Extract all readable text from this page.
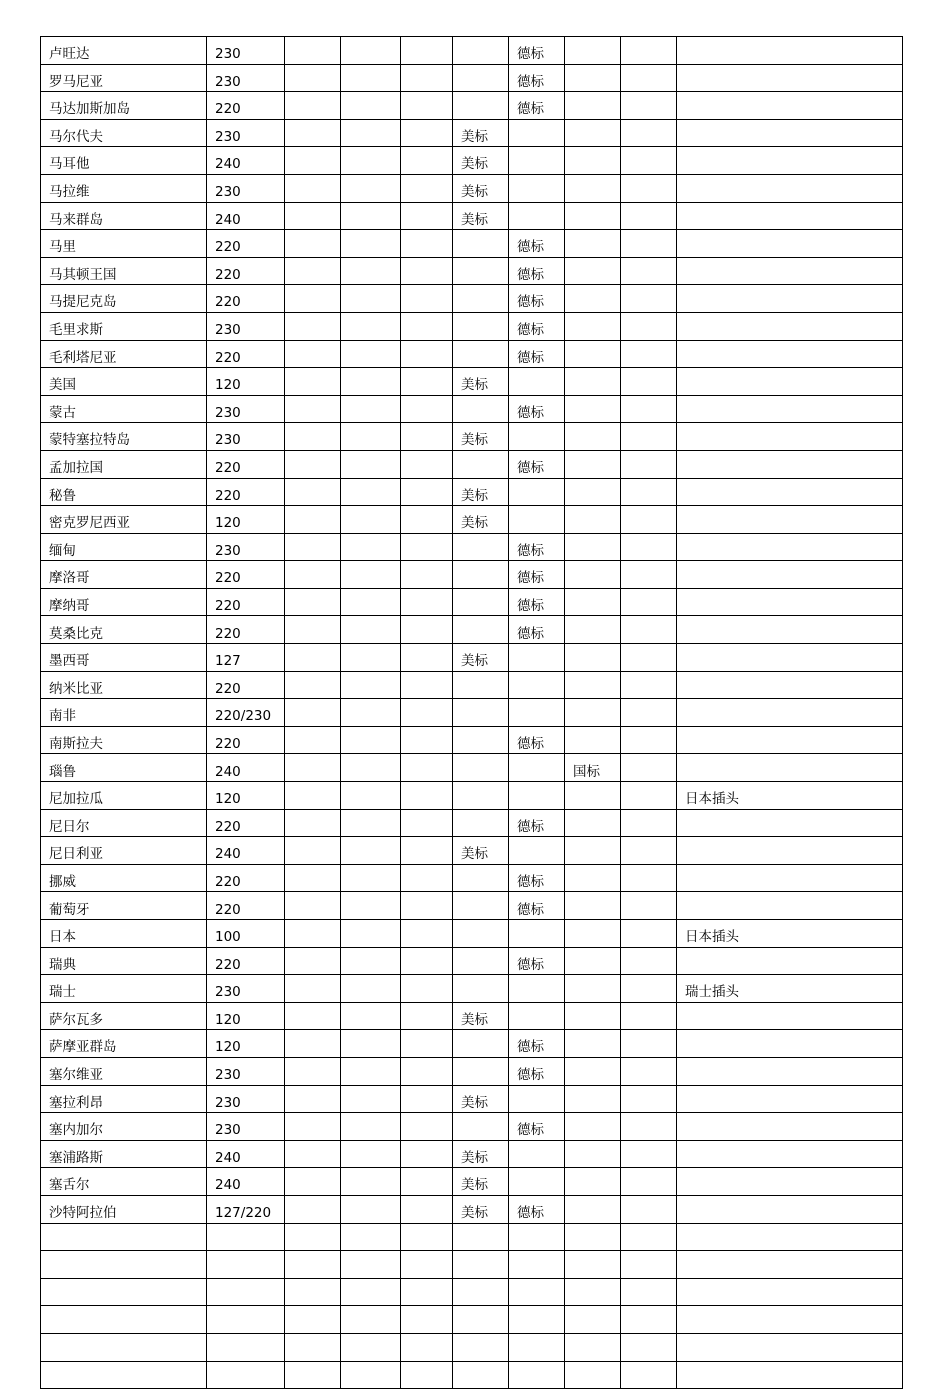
卢旺达	230					德标			
罗马尼亚	230					德标			
马达加斯加岛	220					德标			
马尔代夫	230				美标				
马耳他	240				美标				
马拉维	230				美标				
马来群岛	240				美标				
马里	220					德标			
马其顿王国	220					德标			
马提尼克岛	220					德标			
毛里求斯	230					德标			
毛利塔尼亚	220					德标			
美国	120				美标				
蒙古	230					德标			
蒙特塞拉特岛	230				美标				
孟加拉国	220					德标			
秘鲁	220				美标				
密克罗尼西亚	120				美标				
缅甸	230					德标			
摩洛哥	220					德标			
摩纳哥	220					德标			
莫桑比克	220					德标			
墨西哥	127				美标				
纳米比亚	220								
南非	220/230								
南斯拉夫	220					德标			
瑙鲁	240						国标		
尼加拉瓜	120								日本插头
尼日尔	220					德标			
尼日利亚	240				美标				
挪威	220					德标			
葡萄牙	220					德标			
日本	100								日本插头
瑞典	220					德标			
瑞士	230								瑞士插头
萨尔瓦多	120				美标				
萨摩亚群岛	120					德标			
塞尔维亚	230					德标			
塞拉利昂	230				美标				
塞内加尔	230					德标			
塞浦路斯	240				美标				
塞舌尔	240				美标				
沙特阿拉伯	127/220				美标	德标			
